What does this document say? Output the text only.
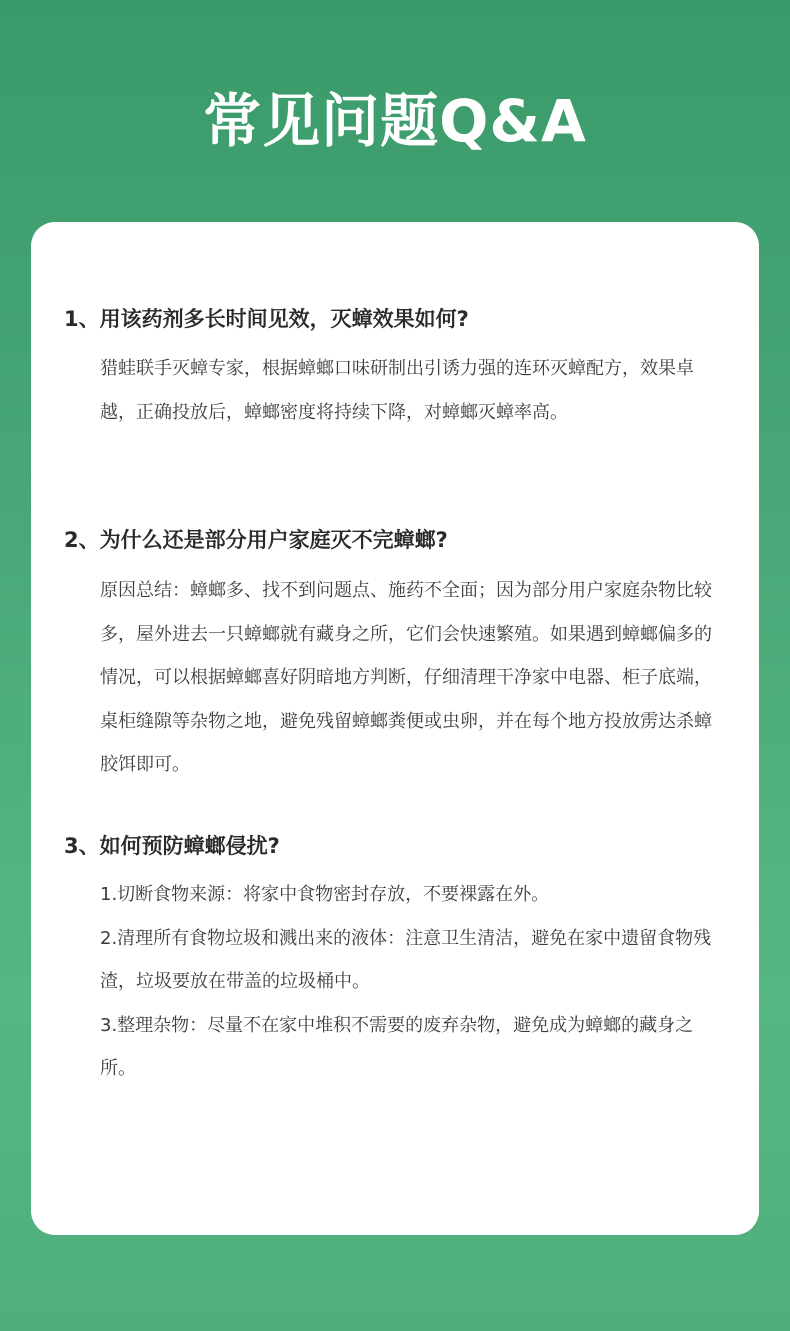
常见问题Q&A
1、用该药剂多长时间见效，灭蟑效果如何?

猎蛙联手灭蟑专家，根据蟑螂口味研制出引诱力强的连环灭蟑配方，效果卓越，正确投放后，蟑螂密度将持续下降，对蟑螂灭蟑率高。

2、为什么还是部分用户家庭灭不完蟑螂?

原因总结：蟑螂多、找不到问题点、施药不全面；因为部分用户家庭杂物比较多，屋外进去一只蟑螂就有藏身之所，它们会快速繁殖。如果遇到蟑螂偏多的情况，可以根据蟑螂喜好阴暗地方判断，仔细清理干净家中电器、柜子底端，桌柜缝隙等杂物之地，避免残留蟑螂粪便或虫卵，并在每个地方投放雳达杀蟑胶饵即可。

3、如何预防蟑螂侵扰?

1.切断食物来源：将家中食物密封存放，不要裸露在外。

2.清理所有食物垃圾和溅出来的液体：注意卫生清洁，避免在家中遗留食物残渣，垃圾要放在带盖的垃圾桶中。

3.整理杂物：尽量不在家中堆积不需要的废弃杂物，避免成为蟑螂的藏身之所。
